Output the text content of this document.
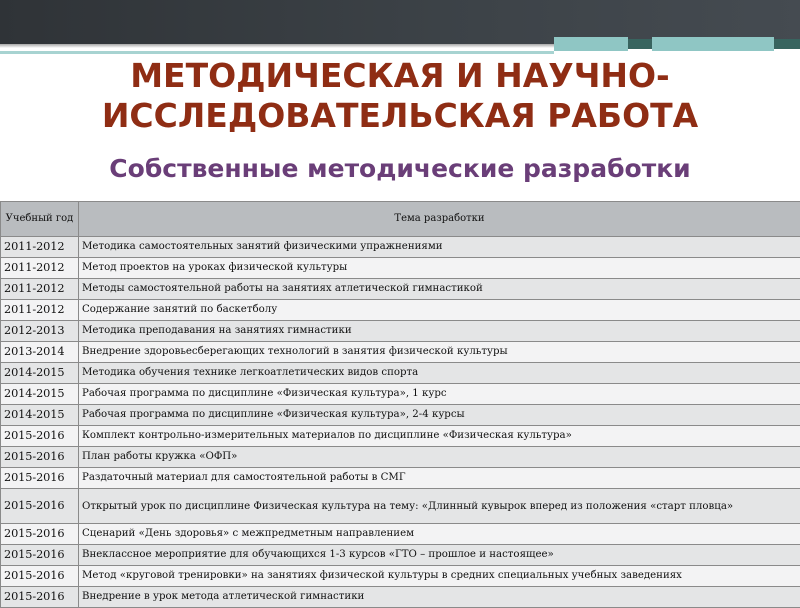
МЕТОДИЧЕСКАЯ И НАУЧНО-
ИССЛЕДОВАТЕЛЬСКАЯ РАБОТА
Собственные методические разработки
Учебный год	Тема разработки
2011-2012	Методика самостоятельных занятий физическими упражнениями
2011-2012	Метод проектов на уроках физической культуры
2011-2012	Методы самостоятельной работы на занятиях атлетической гимнастикой
2011-2012	Содержание занятий по баскетболу
2012-2013	Методика преподавания на занятиях гимнастики
2013-2014	Внедрение здоровьесберегающих технологий в занятия физической культуры
2014-2015	Методика обучения технике легкоатлетических видов спорта
2014-2015	Рабочая программа по дисциплине «Физическая культура», 1 курс
2014-2015	Рабочая программа по дисциплине «Физическая культура», 2-4 курсы
2015-2016	Комплект контрольно-измерительных материалов по дисциплине «Физическая культура»
2015-2016	План работы кружка «ОФП»
2015-2016	Раздаточный материал для самостоятельной работы в СМГ
2015-2016	Открытый урок по дисциплине Физическая культура на тему: «Длинный кувырок вперед из положения «старт пловца»
2015-2016	Сценарий «День здоровья» с межпредметным направлением
2015-2016	Внеклассное мероприятие для обучающихся 1-3 курсов «ГТО – прошлое и настоящее»
2015-2016	Метод «круговой тренировки» на занятиях физической культуры в средних специальных учебных заведениях
2015-2016	Внедрение в урок метода атлетической гимнастики
